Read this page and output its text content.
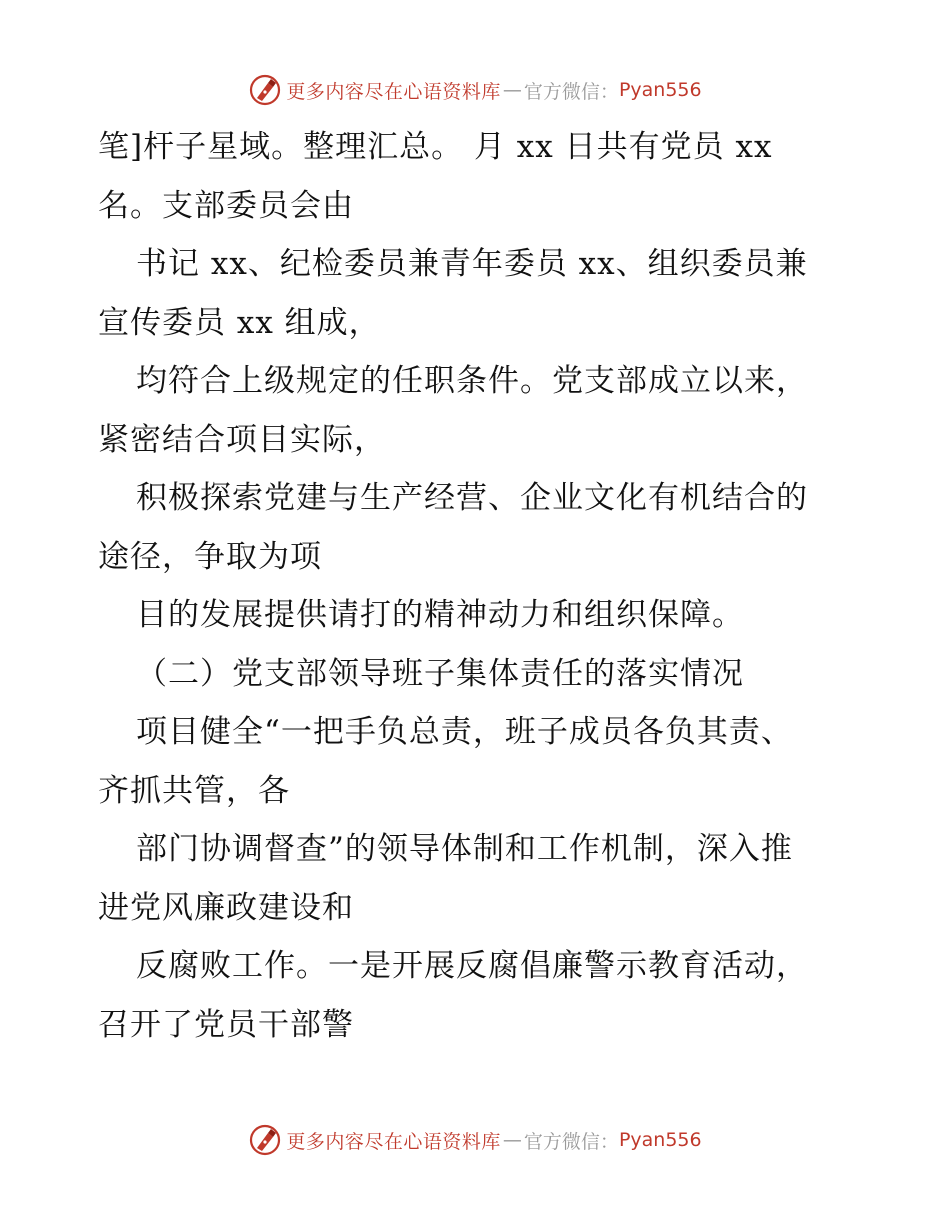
更多内容尽在心语资料库 — 官方微信： Pyan556
笔]杆子星域。整理汇总。 月 xx 日共有党员 xx
名。支部委员会由
书记 xx、纪检委员兼青年委员 xx、组织委员兼
宣传委员 xx 组成，
均符合上级规定的任职条件。党支部成立以来，
紧密结合项目实际，
积极探索党建与生产经营、企业文化有机结合的
途径，争取为项
目的发展提供请打的精神动力和组织保障。
（二）党支部领导班子集体责任的落实情况
项目健全“一把手负总责，班子成员各负其责、
齐抓共管，各
部门协调督查”的领导体制和工作机制，深入推
进党风廉政建设和
反腐败工作。一是开展反腐倡廉警示教育活动，
召开了党员干部警
更多内容尽在心语资料库 — 官方微信： Pyan556
